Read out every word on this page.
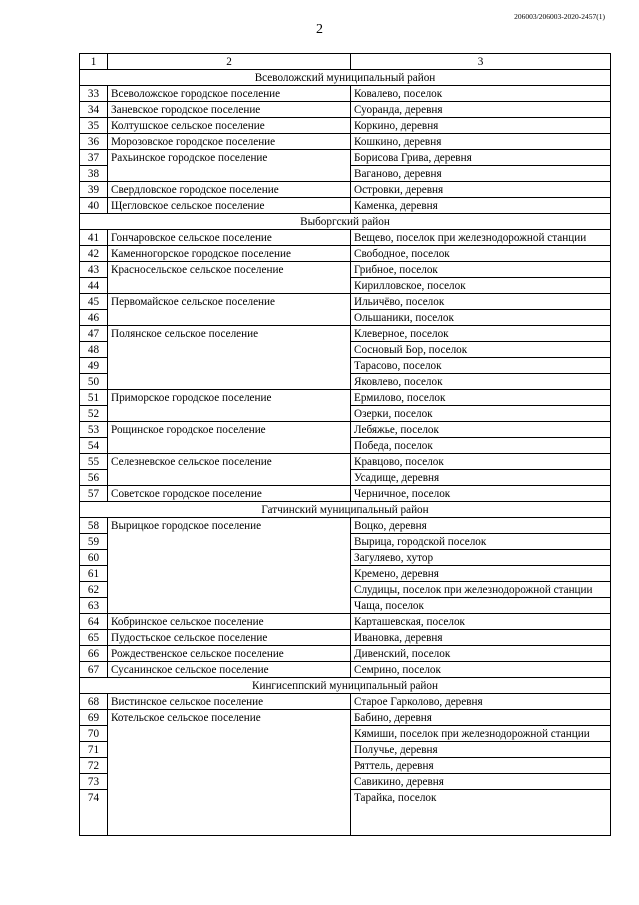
206003/206003-2020-2457(1)
2
1	2	3
Всеволожский муниципальный район		
33	Всеволожское городское поселение	Ковалево, поселок
34	Заневское городское поселение	Суоранда, деревня
35	Колтушское сельское поселение	Коркино, деревня
36	Морозовское городское поселение	Кошкино, деревня
37	Рахьинское городское поселение	Борисова Грива, деревня
38		Ваганово, деревня
39	Свердловское городское поселение	Островки, деревня
40	Щегловское сельское поселение	Каменка, деревня
Выборгский район		
41	Гончаровское сельское поселение	Вещево, поселок при железнодорожной станции
42	Каменногорское городское поселение	Свободное, поселок
43	Красносельское сельское поселение	Грибное, поселок
44		Кирилловское, поселок
45	Первомайское сельское поселение	Ильичёво, поселок
46		Ольшаники, поселок
47	Полянское сельское поселение	Клеверное, поселок
48		Сосновый Бор, поселок
49		Тарасово, поселок
50		Яковлево, поселок
51	Приморское городское поселение	Ермилово, поселок
52		Озерки, поселок
53	Рощинское городское поселение	Лебяжье, поселок
54		Победа, поселок
55	Селезневское сельское поселение	Кравцово, поселок
56		Усадище, деревня
57	Советское городское поселение	Черничное, поселок
Гатчинский муниципальный район		
58	Вырицкое городское поселение	Воцко, деревня
59		Вырица, городской поселок
60		Загуляево, хутор
61		Кремено, деревня
62		Слудицы, поселок при железнодорожной станции
63		Чаща, поселок
64	Кобринское сельское поселение	Карташевская, поселок
65	Пудостьское сельское поселение	Ивановка, деревня
66	Рождественское сельское поселение	Дивенский, поселок
67	Сусанинское сельское поселение	Семрино, поселок
Кингисеппский муниципальный район		
68	Вистинское сельское поселение	Старое Гарколово, деревня
69	Котельское сельское поселение	Бабино, деревня
70		Кямиши, поселок при железнодорожной станции
71		Получье, деревня
72		Ряттель, деревня
73		Савикино, деревня
74		Тарайка, поселок
